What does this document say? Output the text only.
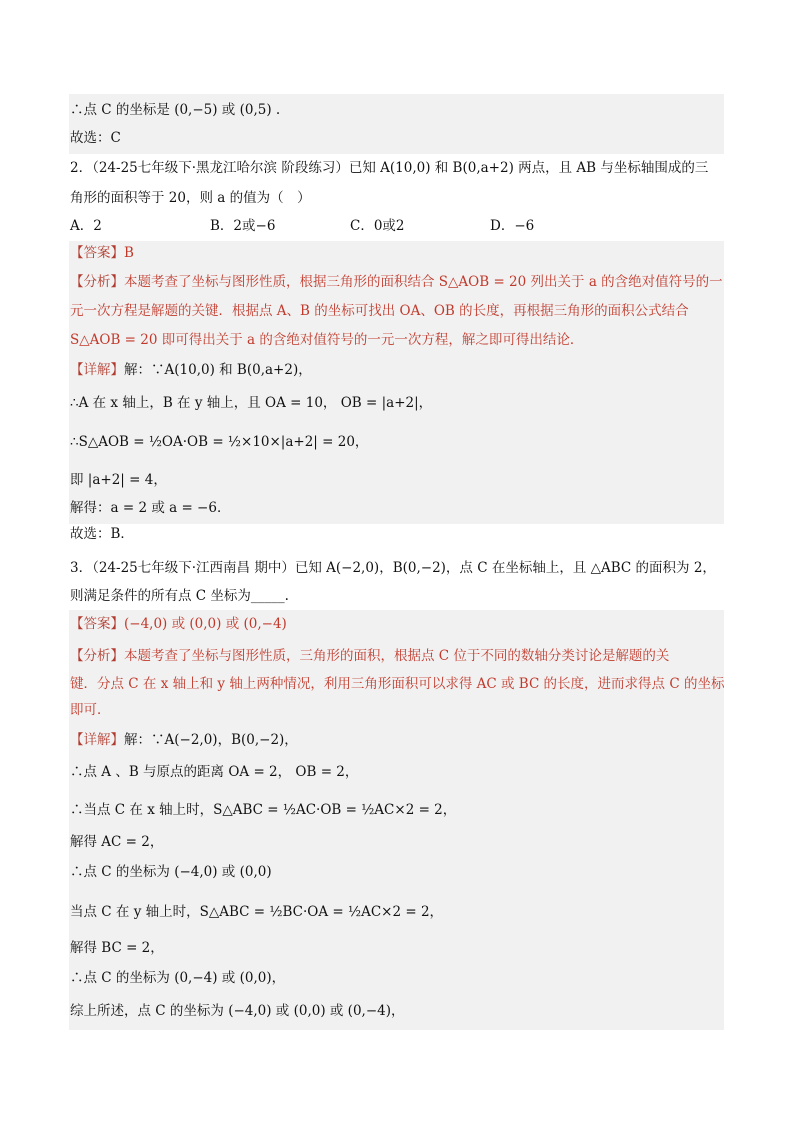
∴点 C 的坐标是 (0,−5) 或 (0,5) .
故选：C
2．（24-25七年级下·黑龙江哈尔滨 阶段练习）已知 A(10,0) 和 B(0,a+2) 两点，且 AB 与坐标轴围成的三
角形的面积等于 20，则 a 的值为（　）
A．2	B．2或−6	C．0或2	D．−6
【答案】B
【分析】本题考查了坐标与图形性质，根据三角形的面积结合 S△AOB = 20 列出关于 a 的含绝对值符号的一
元一次方程是解题的关键．根据点 A、B 的坐标可找出 OA、OB 的长度，再根据三角形的面积公式结合
S△AOB = 20 即可得出关于 a 的含绝对值符号的一元一次方程，解之即可得出结论．
【详解】解：∵A(10,0) 和 B(0,a+2)，
∴A 在 x 轴上，B 在 y 轴上，且 OA = 10， OB = |a+2|，
∴S△AOB = ½OA·OB = ½×10×|a+2| = 20，
即 |a+2| = 4，
解得：a = 2 或 a = −6．
故选：B．
3．（24-25七年级下·江西南昌 期中）已知 A(−2,0)，B(0,−2)，点 C 在坐标轴上，且 △ABC 的面积为 2，
则满足条件的所有点 C 坐标为_____.
【答案】(−4,0) 或 (0,0) 或 (0,−4)
【分析】本题考查了坐标与图形性质，三角形的面积，根据点 C 位于不同的数轴分类讨论是解题的关
键．分点 C 在 x 轴上和 y 轴上两种情况，利用三角形面积可以求得 AC 或 BC 的长度，进而求得点 C 的坐标
即可．
【详解】解：∵A(−2,0)，B(0,−2)，
∴点 A 、B 与原点的距离 OA = 2， OB = 2，
∴当点 C 在 x 轴上时，S△ABC = ½AC·OB = ½AC×2 = 2，
解得 AC = 2，
∴点 C 的坐标为 (−4,0) 或 (0,0)
当点 C 在 y 轴上时，S△ABC = ½BC·OA = ½AC×2 = 2，
解得 BC = 2，
∴点 C 的坐标为 (0,−4) 或 (0,0)，
综上所述，点 C 的坐标为 (−4,0) 或 (0,0) 或 (0,−4)，
